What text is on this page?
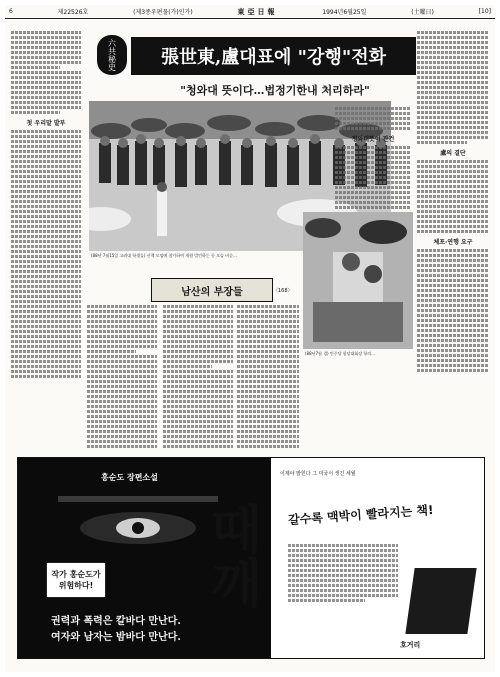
6	제22526호	(제3종우편물(가)인가)	東亞日報	1994년6월25일	(土曜日)	[10]
첫 우리말 발부
六共秘史	張世東,盧대표에 "강행"전화
"청와대 뜻이다…법정기한내 처리하라"
(88년 7월15일 고려대 학생들) 산책 모임에 참가하여 개원 발언하는 등 모습 비슷…
남산의 부장들	〈168〉
(88년7월 경) 민주당 합당대회장 항의…
청와대뜻이 관건
盧의 결단
체포·연행 요구
홍순도 장편소설
때깨
작가 홍순도가 위험하다!
권력과 폭력은 칼바다 만난다.
여자와 남자는 밤바다 만난다.
이제야 밝힌다 그 미국서 생긴 세월
갈수록 맥박이 빨라지는 책!
호거리
